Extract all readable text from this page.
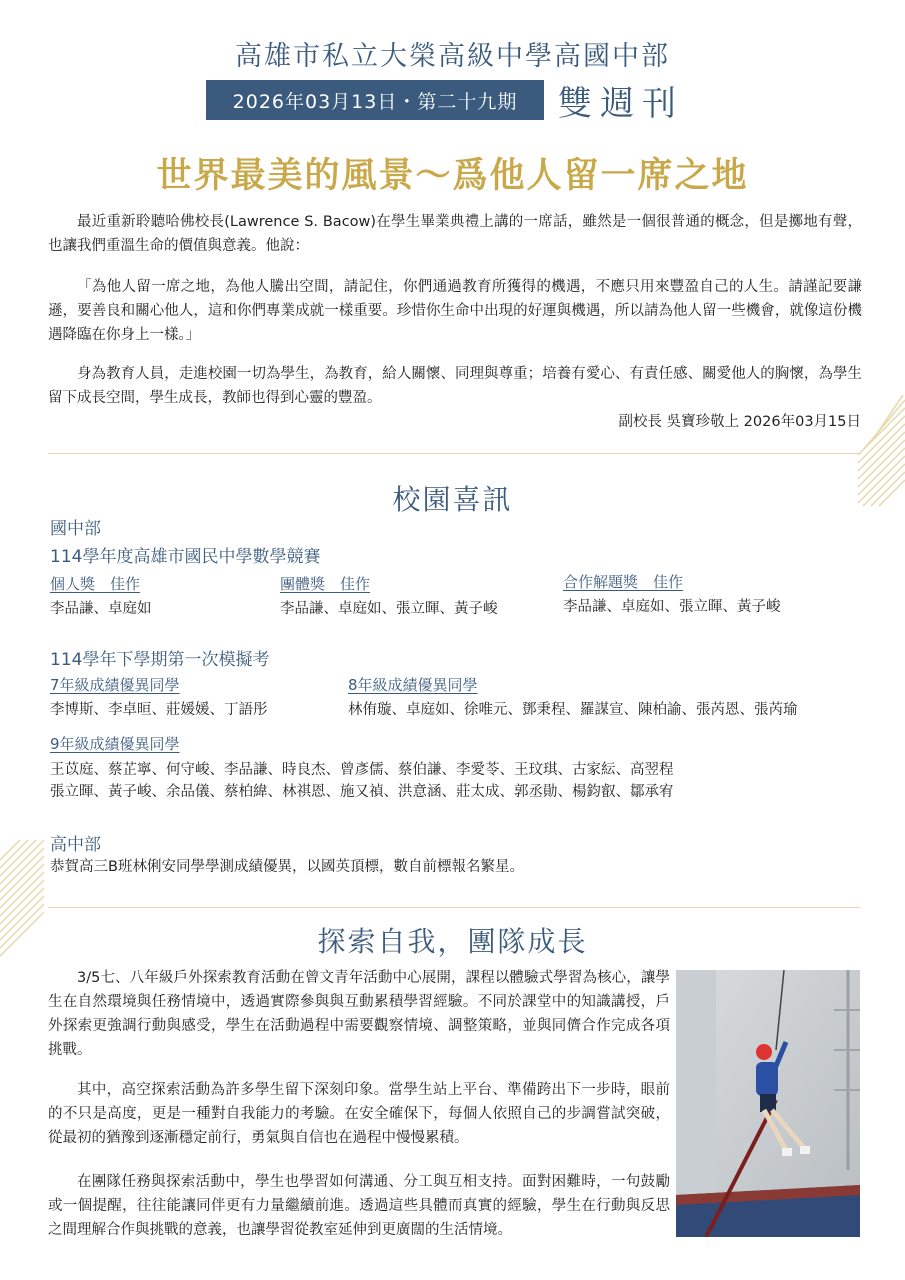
高雄市私立大榮高級中學高國中部
2026年03月13日・第二十九期 雙週刊
世界最美的風景～爲他人留一席之地

最近重新聆聽哈佛校長(Lawrence S. Bacow)在學生畢業典禮上講的一席話，雖然是一個很普通的概念，但是擲地有聲，也讓我們重溫生命的價值與意義。他說：

「為他人留一席之地，為他人騰出空間，請記住，你們通過教育所獲得的機遇，不應只用來豐盈自己的人生。請謹記要謙遜，要善良和關心他人，這和你們專業成就一樣重要。珍惜你生命中出現的好運與機遇，所以請為他人留一些機會，就像這份機遇降臨在你身上一樣。」

身為教育人員，走進校園一切為學生，為教育，給人關懷、同理與尊重；培養有愛心、有責任感、關愛他人的胸懷，為學生留下成長空間，學生成長，教師也得到心靈的豐盈。

副校長 吳寶珍敬上 2026年03月15日
校園喜訊
國中部
114學年度高雄市國民中學數學競賽
個人獎　佳作
李品謙、卓庭如
團體獎　佳作
李品謙、卓庭如、張立暉、黃子峻
合作解題獎　佳作
李品謙、卓庭如、張立暉、黃子峻
114學年下學期第一次模擬考
7年級成績優異同學
李博斯、李卓晅、莊媛媛、丁語彤
8年級成績優異同學
林侑璇、卓庭如、徐唯元、鄧秉程、羅謀宣、陳柏諭、張芮恩、張芮瑜
9年級成績優異同學
王苡庭、蔡芷寧、何守峻、李品謙、時良杰、曾彥儒、蔡伯謙、李愛苓、王玟琪、古家紜、高翌程
張立暉、黃子峻、余品儀、蔡柏緯、林祺恩、施又禎、洪意涵、莊太成、郭丞勛、楊鈞叡、鄒承宥
高中部
恭賀高三B班林俐安同學學測成績優異，以國英頂標，數自前標報名繁星。
探索自我，團隊成長

3/5七、八年級戶外探索教育活動在曾文青年活動中心展開，課程以體驗式學習為核心，讓學生在自然環境與任務情境中，透過實際參與與互動累積學習經驗。不同於課堂中的知識講授，戶外探索更強調行動與感受，學生在活動過程中需要觀察情境、調整策略，並與同儕合作完成各項挑戰。

其中，高空探索活動為許多學生留下深刻印象。當學生站上平台、準備跨出下一步時，眼前的不只是高度，更是一種對自我能力的考驗。在安全確保下，每個人依照自己的步調嘗試突破，從最初的猶豫到逐漸穩定前行，勇氣與自信也在過程中慢慢累積。

在團隊任務與探索活動中，學生也學習如何溝通、分工與互相支持。面對困難時，一句鼓勵或一個提醒，往往能讓同伴更有力量繼續前進。透過這些具體而真實的經驗，學生在行動與反思之間理解合作與挑戰的意義，也讓學習從教室延伸到更廣闊的生活情境。
